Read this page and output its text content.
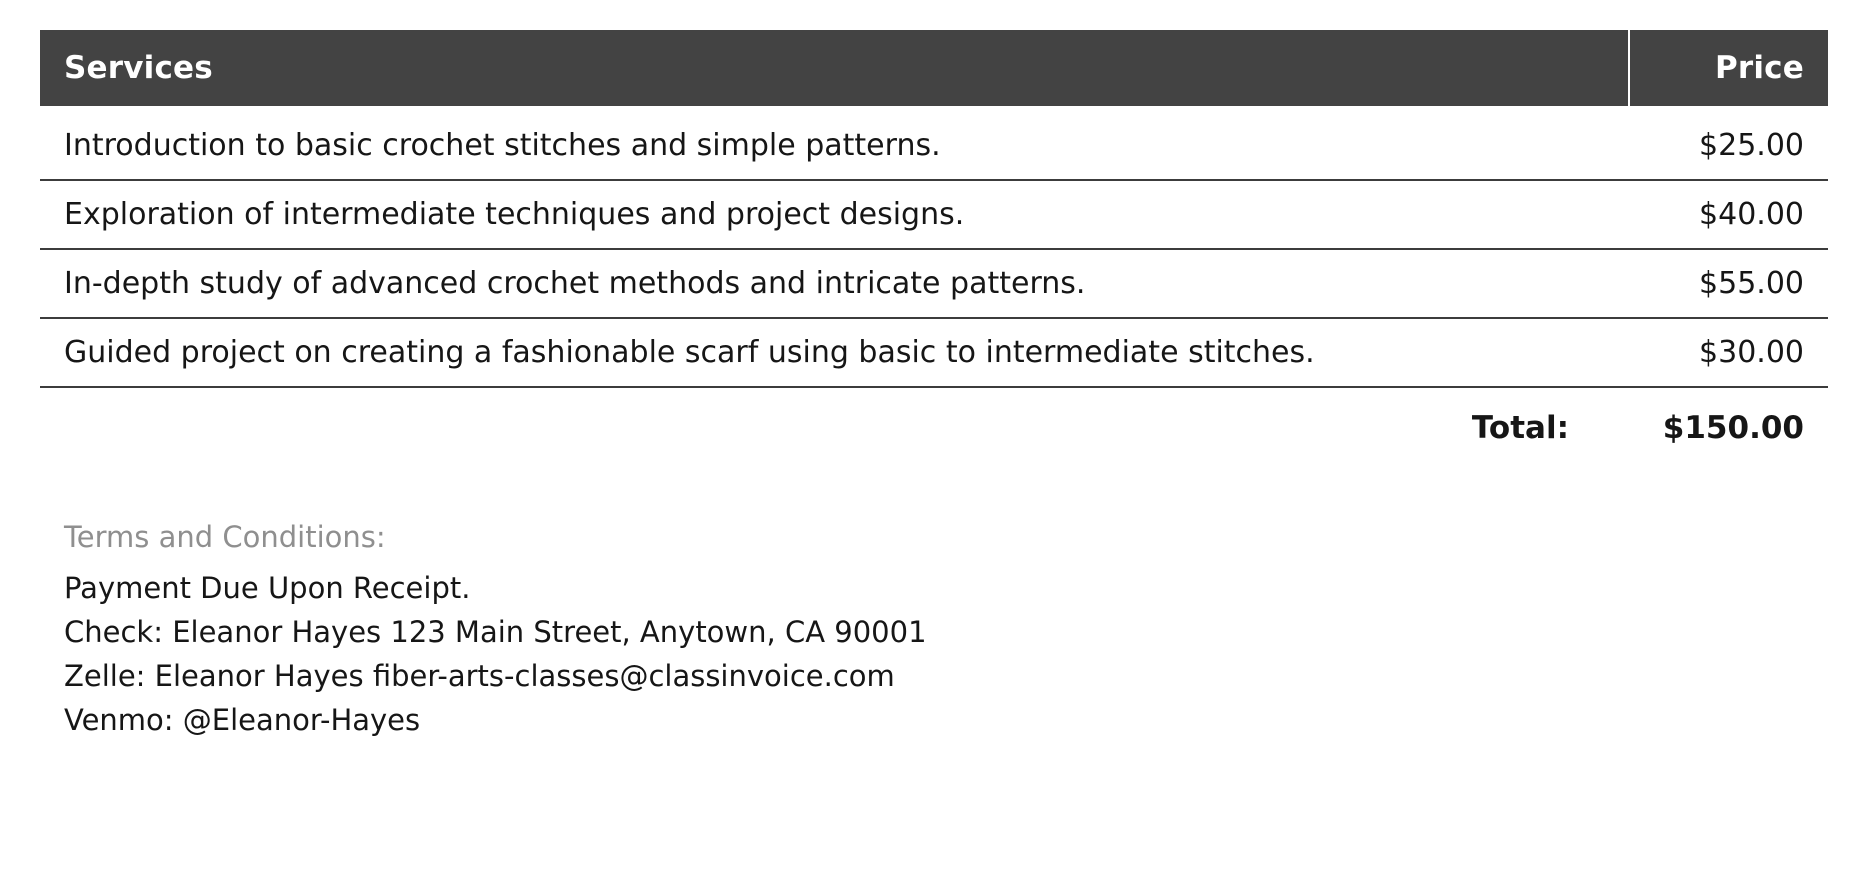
Services	Price
Introduction to basic crochet stitches and simple patterns.	$25.00
Exploration of intermediate techniques and project designs.	$40.00
In-depth study of advanced crochet methods and intricate patterns.	$55.00
Guided project on creating a fashionable scarf using basic to intermediate stitches.	$30.00
Total:	$150.00
Terms and Conditions:
Payment Due Upon Receipt.
Check: Eleanor Hayes 123 Main Street, Anytown, CA 90001
Zelle: Eleanor Hayes fiber-arts-classes@classinvoice.com
Venmo: @Eleanor-Hayes
